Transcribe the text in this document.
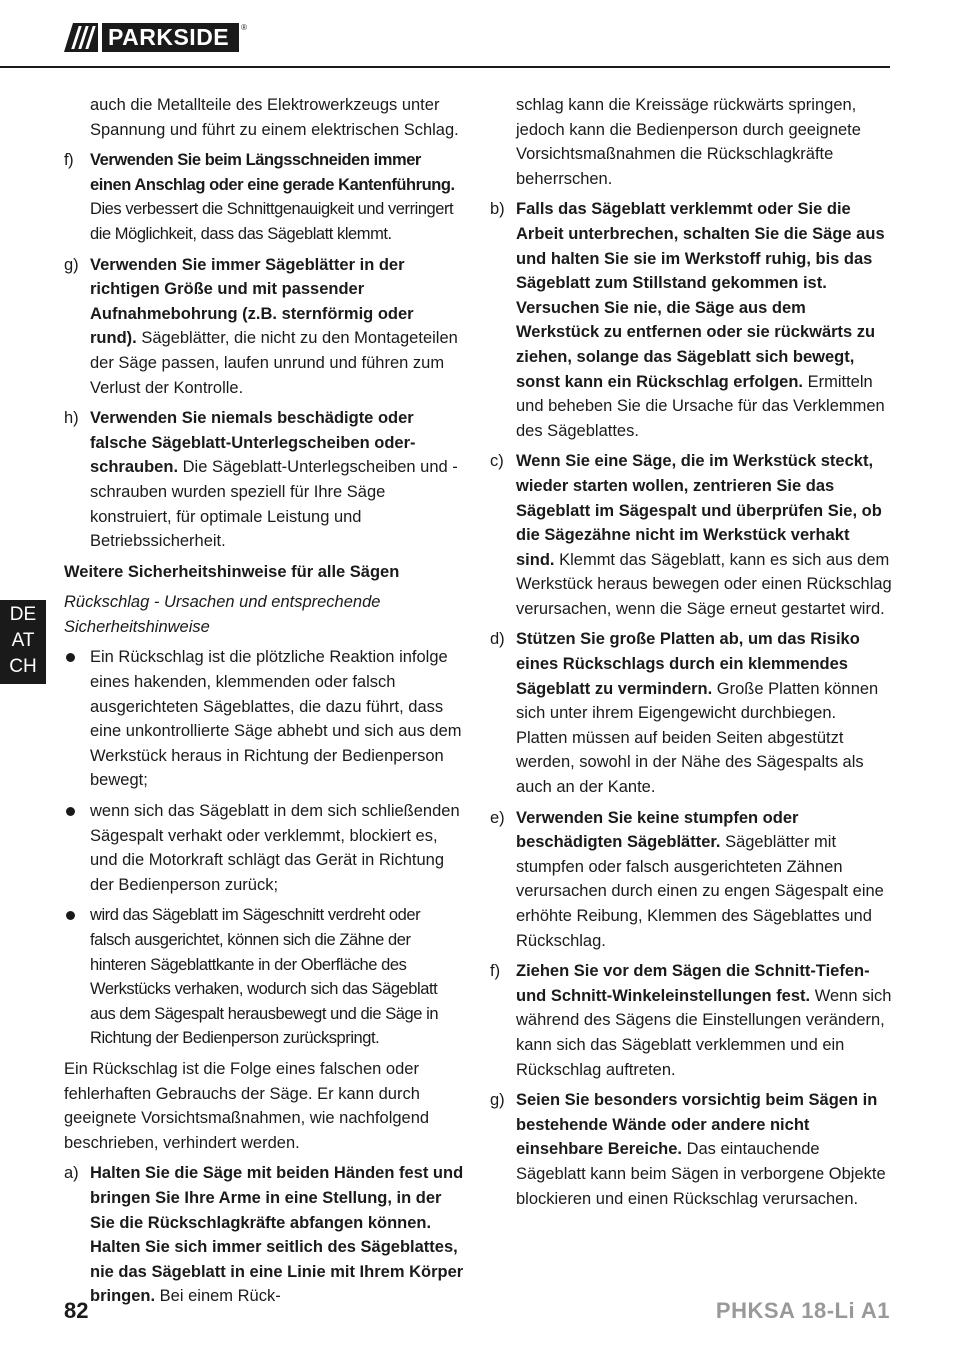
PARKSIDE	®
DE
AT
CH
auch die Metallteile des Elektrowerkzeugs unter Spannung und führt zu einem elektrischen Schlag.
f)	Verwenden Sie beim Längsschneiden immer einen Anschlag oder eine gerade Kantenführung. Dies verbessert die Schnittgenauigkeit und verringert die Möglichkeit, dass das Sägeblatt klemmt.
g) Verwenden Sie immer Sägeblätter in der richtigen Größe und mit passender Aufnahmebohrung (z.B. sternförmig oder rund). Sägeblätter, die nicht zu den Montageteilen der Säge passen, laufen unrund und führen zum Verlust der Kontrolle.
h) Verwenden Sie niemals beschädigte oder falsche Sägeblatt-Unterlegscheiben oder-schrauben. Die Sägeblatt-Unterlegscheiben und - schrauben wurden speziell für Ihre Säge konstruiert, für optimale Leistung und Betriebssicherheit.
Weitere Sicherheitshinweise für alle Sägen
Rückschlag - Ursachen und entsprechende Sicherheitshinweise
Ein Rückschlag ist die plötzliche Reaktion infolge eines hakenden, klemmenden oder falsch ausgerichteten Sägeblattes, die dazu führt, dass eine unkontrollierte Säge abhebt und sich aus dem Werkstück heraus in Richtung der Bedienperson bewegt;
wenn sich das Sägeblatt in dem sich schließenden Sägespalt verhakt oder verklemmt, blockiert es, und die Motorkraft schlägt das Gerät in Richtung der Bedienperson zurück;
wird das Sägeblatt im Sägeschnitt verdreht oder falsch ausgerichtet, können sich die Zähne der hinteren Sägeblattkante in der Oberfläche des Werkstücks verhaken, wodurch sich das Sägeblatt aus dem Sägespalt herausbewegt und die Säge in Richtung der Bedienperson zurückspringt.
Ein Rückschlag ist die Folge eines falschen oder fehlerhaften Gebrauchs der Säge. Er kann durch geeignete Vorsichtsmaßnahmen, wie nachfolgend beschrieben, verhindert werden.
a) Halten Sie die Säge mit beiden Händen fest und bringen Sie Ihre Arme in eine Stellung, in der Sie die Rückschlagkräfte abfangen können. Halten Sie sich immer seitlich des Sägeblattes, nie das Sägeblatt in eine Linie mit Ihrem Körper bringen. Bei einem Rück-
schlag kann die Kreissäge rückwärts springen, jedoch kann die Bedienperson durch geeignete Vorsichtsmaßnahmen die Rückschlagkräfte beherrschen.
b) Falls das Sägeblatt verklemmt oder Sie die Arbeit unterbrechen, schalten Sie die Säge aus und halten Sie sie im Werkstoff ruhig, bis das Sägeblatt zum Stillstand gekommen ist. Versuchen Sie nie, die Säge aus dem Werkstück zu entfernen oder sie rückwärts zu ziehen, solange das Sägeblatt sich bewegt, sonst kann ein Rückschlag erfolgen. Ermitteln und beheben Sie die Ursache für das Verklemmen des Sägeblattes.
c) Wenn Sie eine Säge, die im Werkstück steckt, wieder starten wollen, zentrieren Sie das Sägeblatt im Sägespalt und überprüfen Sie, ob die Sägezähne nicht im Werkstück verhakt sind. Klemmt das Sägeblatt, kann es sich aus dem Werkstück heraus bewegen oder einen Rückschlag verursachen, wenn die Säge erneut gestartet wird.
d) Stützen Sie große Platten ab, um das Risiko eines Rückschlags durch ein klemmendes Sägeblatt zu vermindern. Große Platten können sich unter ihrem Eigengewicht durchbiegen. Platten müssen auf beiden Seiten abgestützt werden, sowohl in der Nähe des Sägespalts als auch an der Kante.
e) Verwenden Sie keine stumpfen oder beschädigten Sägeblätter. Sägeblätter mit stumpfen oder falsch ausgerichteten Zähnen verursachen durch einen zu engen Sägespalt eine erhöhte Reibung, Klemmen des Sägeblattes und Rückschlag.
f) Ziehen Sie vor dem Sägen die Schnitt-Tiefen- und Schnitt-Winkeleinstellungen fest. Wenn sich während des Sägens die Einstellungen verändern, kann sich das Sägeblatt verklemmen und ein Rückschlag auftreten.
g) Seien Sie besonders vorsichtig beim Sägen in bestehende Wände oder andere nicht einsehbare Bereiche. Das eintauchende Sägeblatt kann beim Sägen in verborgene Objekte blockieren und einen Rückschlag verursachen.
82	PHKSA 18-Li A1
